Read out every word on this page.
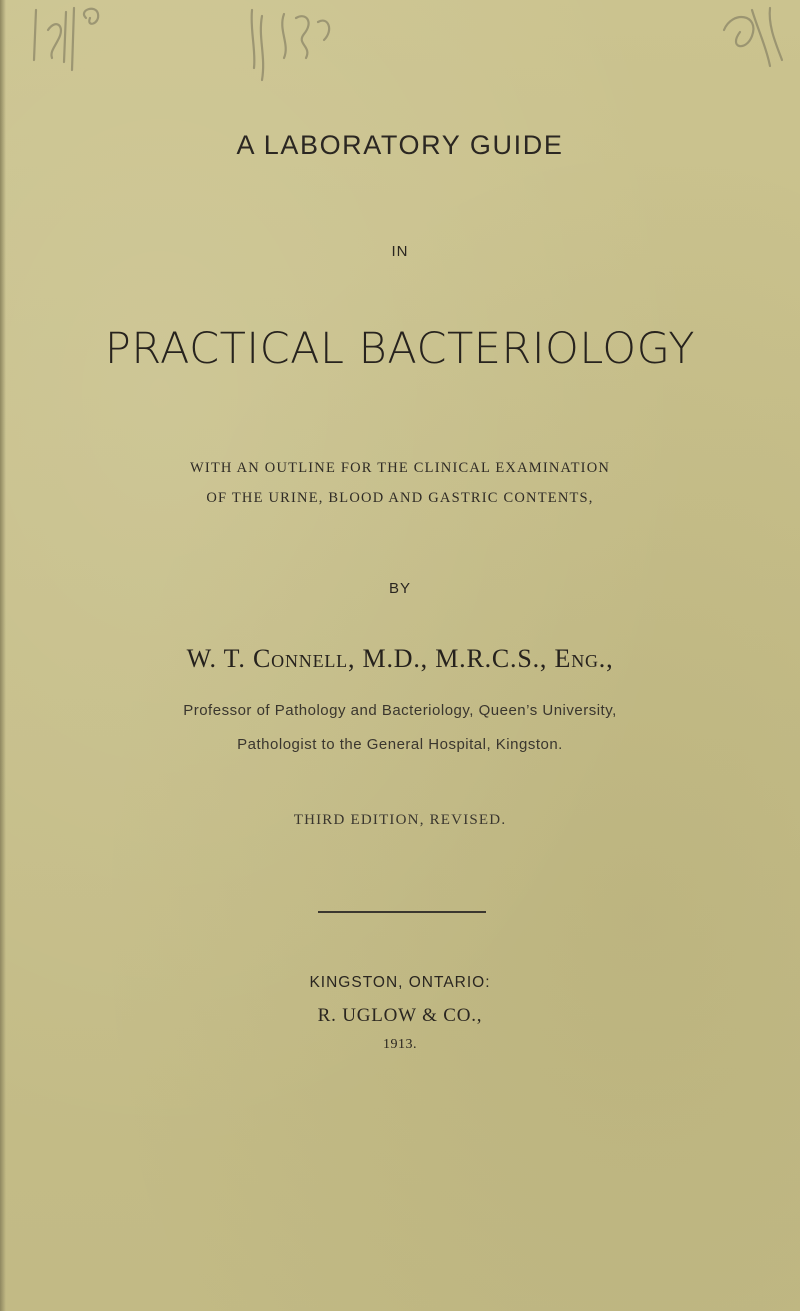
A LABORATORY GUIDE
IN
PRACTICAL BACTERIOLOGY
WITH AN OUTLINE FOR THE CLINICAL EXAMINATION
OF THE URINE, BLOOD AND GASTRIC CONTENTS,
BY
W. T. Connell, M.D., M.R.C.S., Eng.,
Professor of Pathology and Bacteriology, Queen’s University,
Pathologist to the General Hospital, Kingston.
THIRD EDITION, REVISED.
KINGSTON, ONTARIO:
R. UGLOW & CO.,
1913.
